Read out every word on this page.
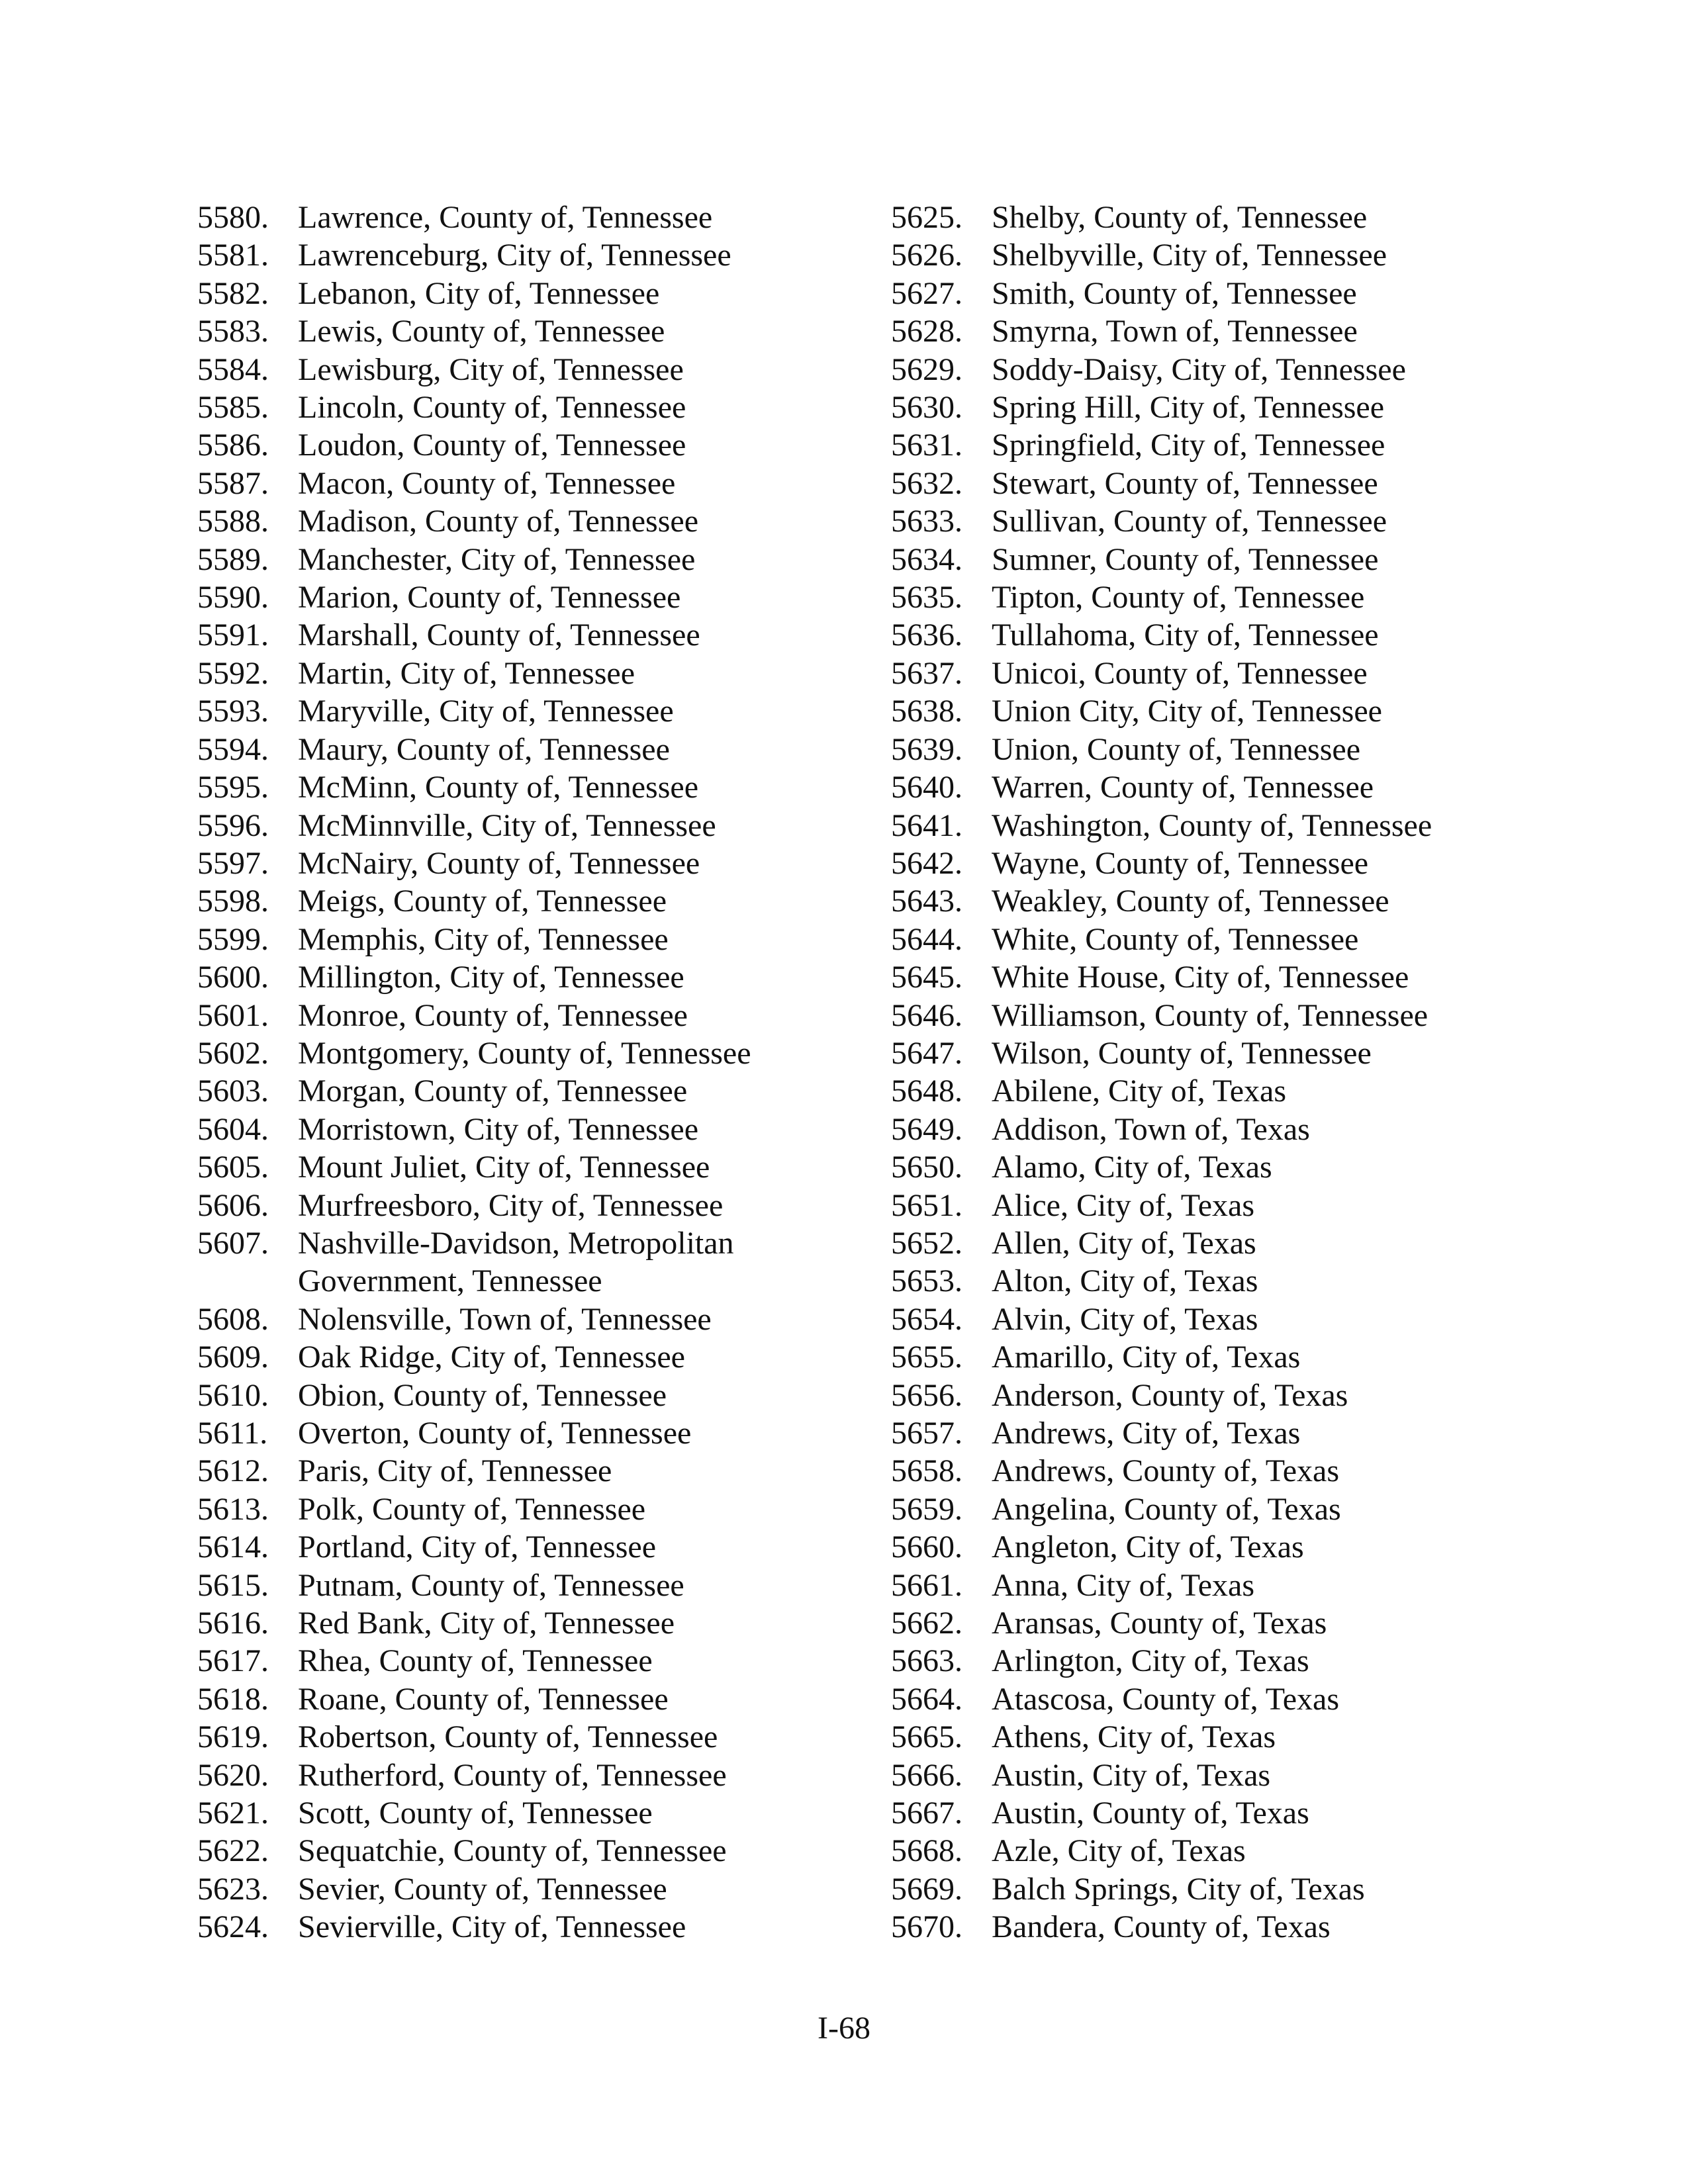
5580. Lawrence, County of, Tennessee
5581. Lawrenceburg, City of, Tennessee
5582. Lebanon, City of, Tennessee
5583. Lewis, County of, Tennessee
5584. Lewisburg, City of, Tennessee
5585. Lincoln, County of, Tennessee
5586. Loudon, County of, Tennessee
5587. Macon, County of, Tennessee
5588. Madison, County of, Tennessee
5589. Manchester, City of, Tennessee
5590. Marion, County of, Tennessee
5591. Marshall, County of, Tennessee
5592. Martin, City of, Tennessee
5593. Maryville, City of, Tennessee
5594. Maury, County of, Tennessee
5595. McMinn, County of, Tennessee
5596. McMinnville, City of, Tennessee
5597. McNairy, County of, Tennessee
5598. Meigs, County of, Tennessee
5599. Memphis, City of, Tennessee
5600. Millington, City of, Tennessee
5601. Monroe, County of, Tennessee
5602. Montgomery, County of, Tennessee
5603. Morgan, County of, Tennessee
5604. Morristown, City of, Tennessee
5605. Mount Juliet, City of, Tennessee
5606. Murfreesboro, City of, Tennessee
5607. Nashville-Davidson, Metropolitan Government, Tennessee
5608. Nolensville, Town of, Tennessee
5609. Oak Ridge, City of, Tennessee
5610. Obion, County of, Tennessee
5611. Overton, County of, Tennessee
5612. Paris, City of, Tennessee
5613. Polk, County of, Tennessee
5614. Portland, City of, Tennessee
5615. Putnam, County of, Tennessee
5616. Red Bank, City of, Tennessee
5617. Rhea, County of, Tennessee
5618. Roane, County of, Tennessee
5619. Robertson, County of, Tennessee
5620. Rutherford, County of, Tennessee
5621. Scott, County of, Tennessee
5622. Sequatchie, County of, Tennessee
5623. Sevier, County of, Tennessee
5624. Sevierville, City of, Tennessee
5625. Shelby, County of, Tennessee
5626. Shelbyville, City of, Tennessee
5627. Smith, County of, Tennessee
5628. Smyrna, Town of, Tennessee
5629. Soddy-Daisy, City of, Tennessee
5630. Spring Hill, City of, Tennessee
5631. Springfield, City of, Tennessee
5632. Stewart, County of, Tennessee
5633. Sullivan, County of, Tennessee
5634. Sumner, County of, Tennessee
5635. Tipton, County of, Tennessee
5636. Tullahoma, City of, Tennessee
5637. Unicoi, County of, Tennessee
5638. Union City, City of, Tennessee
5639. Union, County of, Tennessee
5640. Warren, County of, Tennessee
5641. Washington, County of, Tennessee
5642. Wayne, County of, Tennessee
5643. Weakley, County of, Tennessee
5644. White, County of, Tennessee
5645. White House, City of, Tennessee
5646. Williamson, County of, Tennessee
5647. Wilson, County of, Tennessee
5648. Abilene, City of, Texas
5649. Addison, Town of, Texas
5650. Alamo, City of, Texas
5651. Alice, City of, Texas
5652. Allen, City of, Texas
5653. Alton, City of, Texas
5654. Alvin, City of, Texas
5655. Amarillo, City of, Texas
5656. Anderson, County of, Texas
5657. Andrews, City of, Texas
5658. Andrews, County of, Texas
5659. Angelina, County of, Texas
5660. Angleton, City of, Texas
5661. Anna, City of, Texas
5662. Aransas, County of, Texas
5663. Arlington, City of, Texas
5664. Atascosa, County of, Texas
5665. Athens, City of, Texas
5666. Austin, City of, Texas
5667. Austin, County of, Texas
5668. Azle, City of, Texas
5669. Balch Springs, City of, Texas
5670. Bandera, County of, Texas
I-68
